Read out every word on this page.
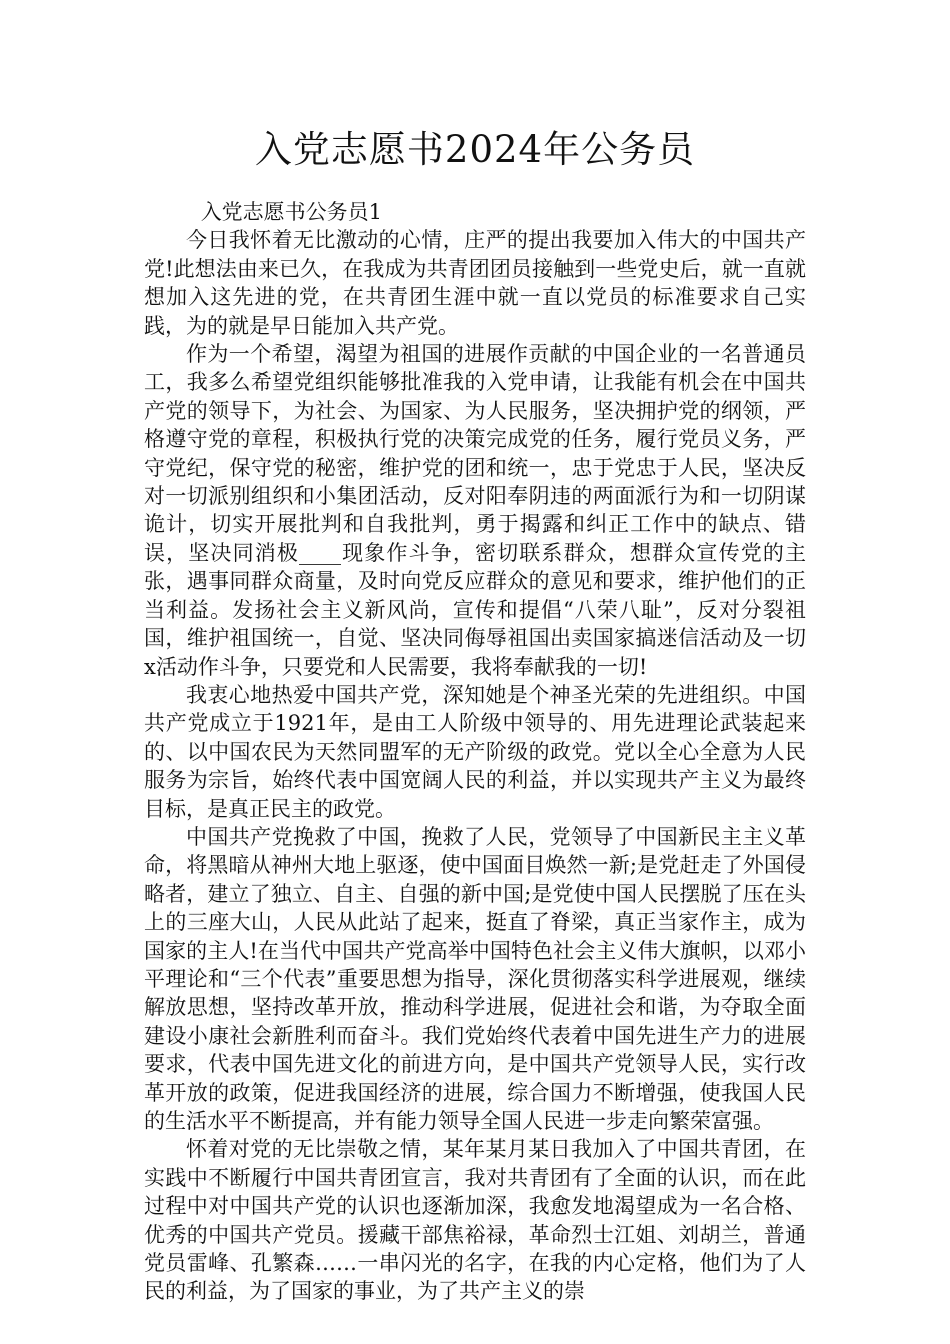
入党志愿书2024年公务员

入党志愿书公务员1

今日我怀着无比激动的心情，庄严的提出我要加入伟大的中国共产党!此想法由来已久，在我成为共青团团员接触到一些党史后，就一直就想加入这先进的党，在共青团生涯中就一直以党员的标准要求自己实践，为的就是早日能加入共产党。

作为一个希望，渴望为祖国的进展作贡献的中国企业的一名普通员工，我多么希望党组织能够批准我的入党申请，让我能有机会在中国共产党的领导下，为社会、为国家、为人民服务，坚决拥护党的纲领，严格遵守党的章程，积极执行党的决策完成党的任务，履行党员义务，严守党纪，保守党的秘密，维护党的团和统一，忠于党忠于人民，坚决反对一切派别组织和小集团活动，反对阳奉阴违的两面派行为和一切阴谋诡计，切实开展批判和自我批判，勇于揭露和纠正工作中的缺点、错误，坚决同消极____现象作斗争，密切联系群众，想群众宣传党的主张，遇事同群众商量，及时向党反应群众的意见和要求，维护他们的正当利益。发扬社会主义新风尚，宣传和提倡“八荣八耻”，反对分裂祖国，维护祖国统一，自觉、坚决同侮辱祖国出卖国家搞迷信活动及一切x活动作斗争，只要党和人民需要，我将奉献我的一切!

我衷心地热爱中国共产党，深知她是个神圣光荣的先进组织。中国共产党成立于1921年，是由工人阶级中领导的、用先进理论武装起来的、以中国农民为天然同盟军的无产阶级的政党。党以全心全意为人民服务为宗旨，始终代表中国宽阔人民的利益，并以实现共产主义为最终目标，是真正民主的政党。

中国共产党挽救了中国，挽救了人民，党领导了中国新民主主义革命，将黑暗从神州大地上驱逐，使中国面目焕然一新;是党赶走了外国侵略者，建立了独立、自主、自强的新中国;是党使中国人民摆脱了压在头上的三座大山，人民从此站了起来，挺直了脊梁，真正当家作主，成为国家的主人!在当代中国共产党高举中国特色社会主义伟大旗帜，以邓小平理论和“三个代表”重要思想为指导，深化贯彻落实科学进展观，继续解放思想，坚持改革开放，推动科学进展，促进社会和谐，为夺取全面建设小康社会新胜利而奋斗。我们党始终代表着中国先进生产力的进展要求，代表中国先进文化的前进方向，是中国共产党领导人民，实行改革开放的政策，促进我国经济的进展，综合国力不断增强，使我国人民的生活水平不断提高，并有能力领导全国人民进一步走向繁荣富强。

怀着对党的无比崇敬之情，某年某月某日我加入了中国共青团，在实践中不断履行中国共青团宣言，我对共青团有了全面的认识，而在此过程中对中国共产党的认识也逐渐加深，我愈发地渴望成为一名合格、优秀的中国共产党员。援藏干部焦裕禄，革命烈士江姐、刘胡兰，普通党员雷峰、孔繁森……一串闪光的名字，在我的内心定格，他们为了人民的利益，为了国家的事业，为了共产主义的崇
